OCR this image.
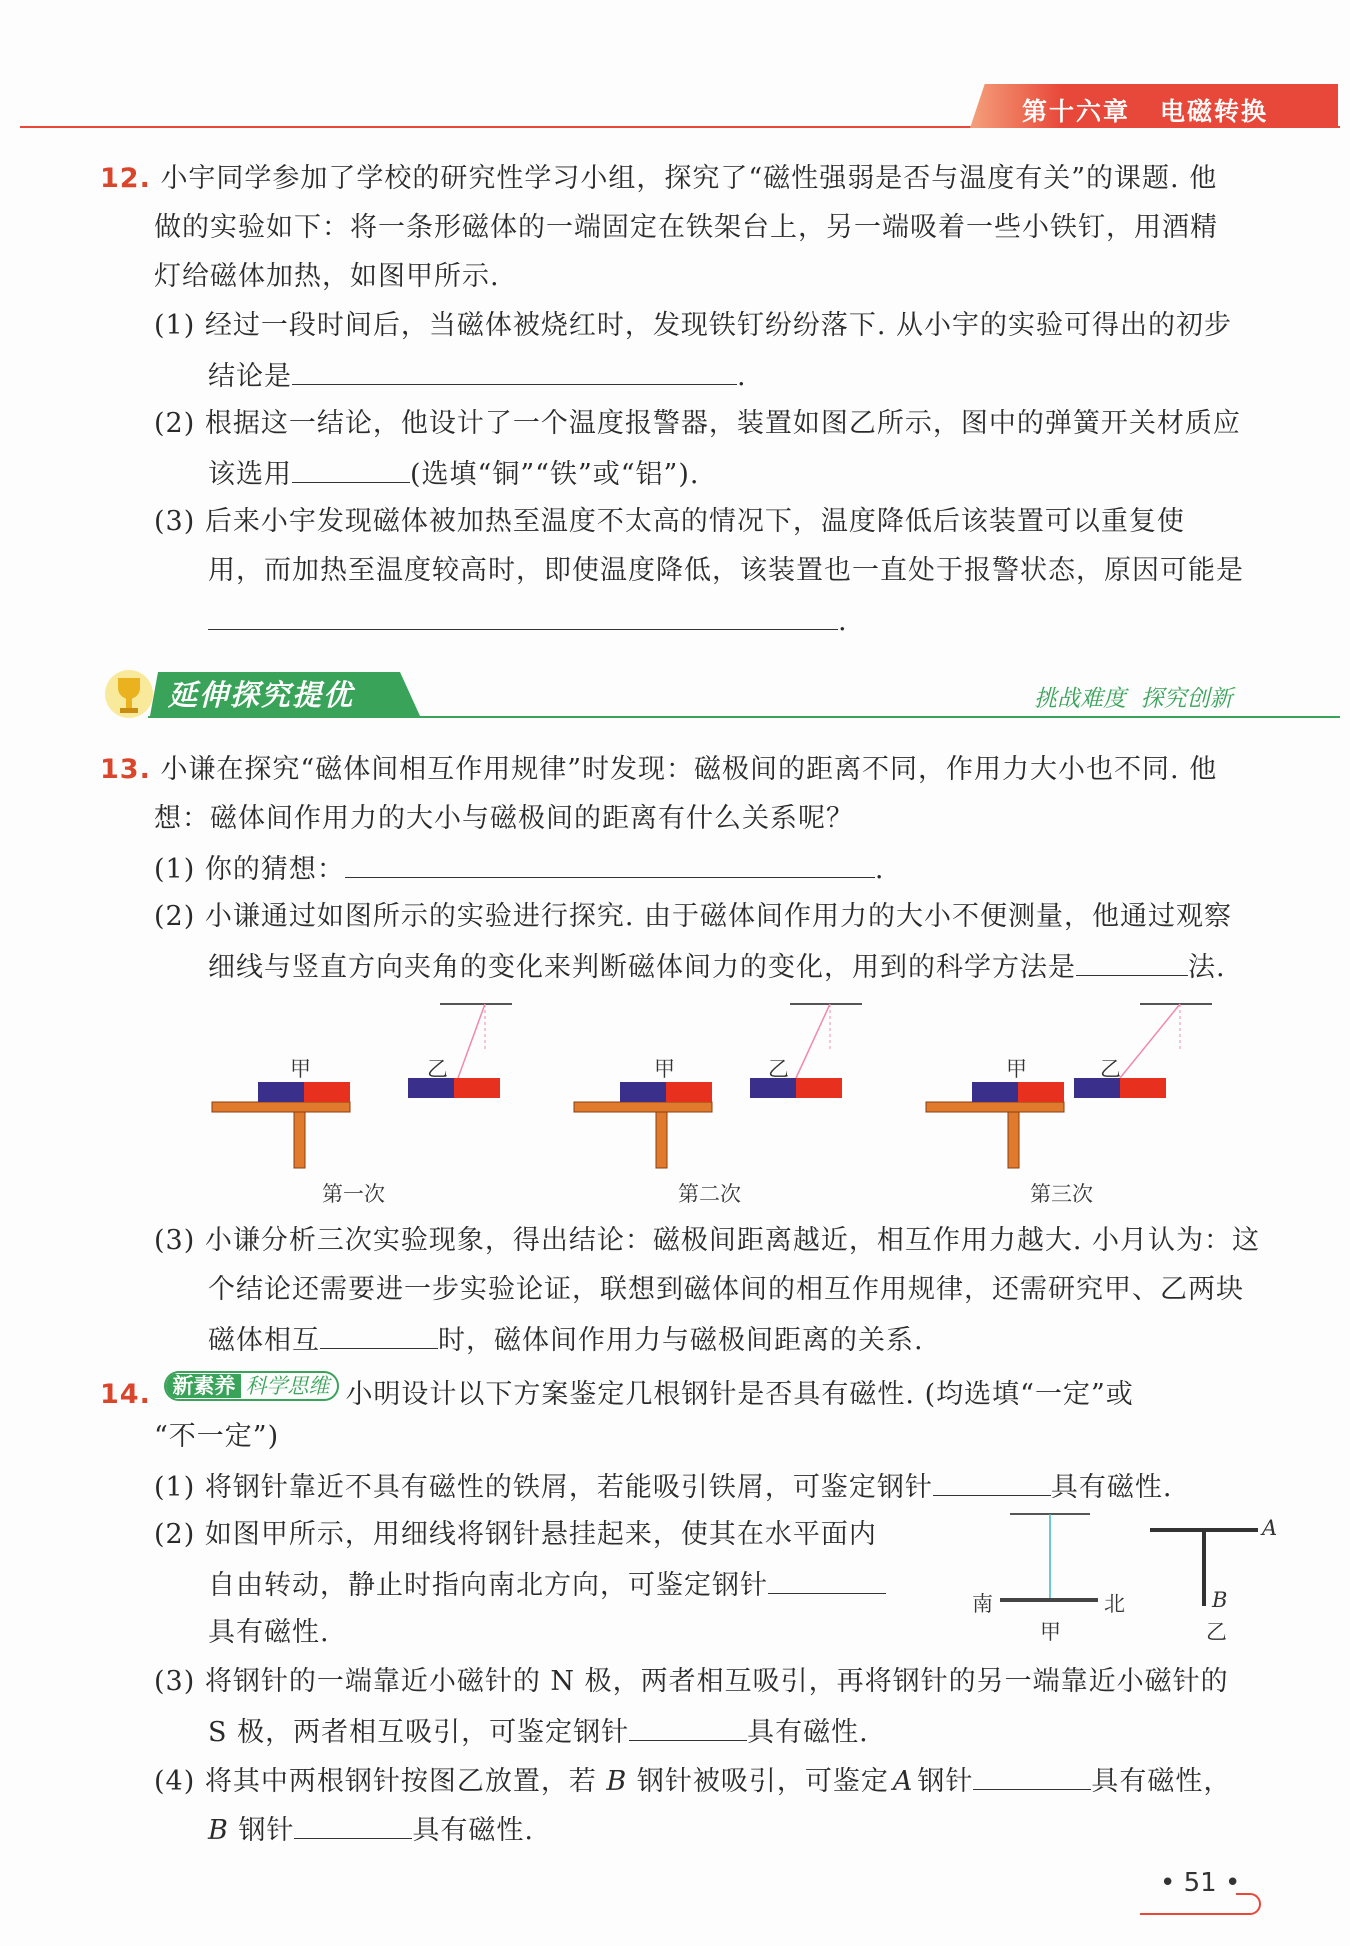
第十六章 电磁转换
12. 小宇同学参加了学校的研究性学习小组，探究了“磁性强弱是否与温度有关”的课题. 他
做的实验如下：将一条形磁体的一端固定在铁架台上，另一端吸着一些小铁钉，用酒精
灯给磁体加热，如图甲所示.
(1) 经过一段时间后，当磁体被烧红时，发现铁钉纷纷落下. 从小宇的实验可得出的初步
结论是	.
(2) 根据这一结论，他设计了一个温度报警器，装置如图乙所示，图中的弹簧开关材质应
该选用	(选填“铜”“铁”或“铝”).
(3) 后来小宇发现磁体被加热至温度不太高的情况下，温度降低后该装置可以重复使
用，而加热至温度较高时，即使温度降低，该装置也一直处于报警状态，原因可能是
.
延伸探究提优	挑战难度  探究创新
13. 小谦在探究“磁体间相互作用规律”时发现：磁极间的距离不同，作用力大小也不同. 他
想：磁体间作用力的大小与磁极间的距离有什么关系呢？
(1) 你的猜想：	.
(2) 小谦通过如图所示的实验进行探究. 由于磁体间作用力的大小不便测量，他通过观察
细线与竖直方向夹角的变化来判断磁体间力的变化，用到的科学方法是	法.
甲	乙	甲	乙	甲	乙
第一次	第二次	第三次
(3) 小谦分析三次实验现象，得出结论：磁极间距离越近，相互作用力越大. 小月认为：这
个结论还需要进一步实验论证，联想到磁体间的相互作用规律，还需研究甲、乙两块
磁体相互	时，磁体间作用力与磁极间距离的关系.
14. 新素养 科学思维 小明设计以下方案鉴定几根钢针是否具有磁性. (均选填“一定”或
“不一定”)
(1) 将钢针靠近不具有磁性的铁屑，若能吸引铁屑，可鉴定钢针	具有磁性.
(2) 如图甲所示，用细线将钢针悬挂起来，使其在水平面内
自由转动，静止时指向南北方向，可鉴定钢针
具有磁性.
南	北
甲	乙
A
B
(3) 将钢针的一端靠近小磁针的 N 极，两者相互吸引，再将钢针的另一端靠近小磁针的
S 极，两者相互吸引，可鉴定钢针	具有磁性.
(4) 将其中两根钢针按图乙放置，若 B 钢针被吸引，可鉴定 A 钢针	具有磁性，
B 钢针	具有磁性.
• 51 •
